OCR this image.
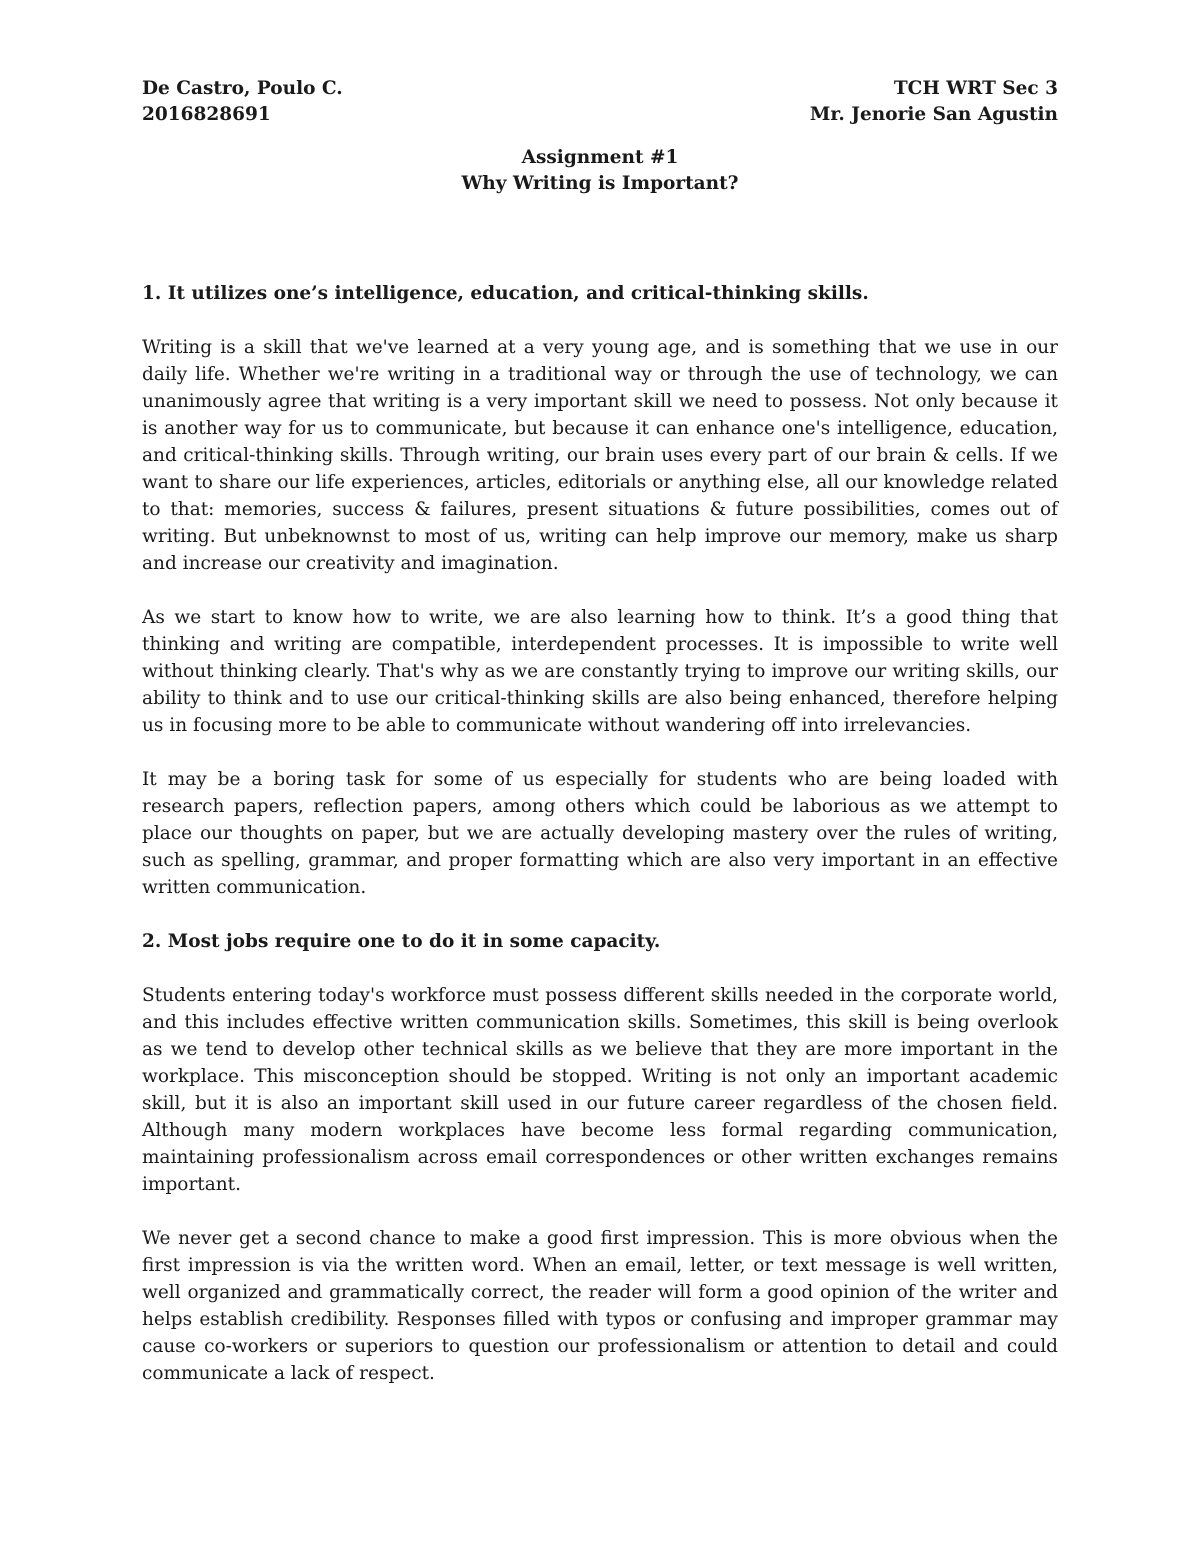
De Castro, Poulo C.	TCH WRT Sec 3
2016828691	Mr. Jenorie San Agustin
Assignment #1
Why Writing is Important?

1. It utilizes one’s intelligence, education, and critical-thinking skills.

Writing is a skill that we've learned at a very young age, and is something that we use in our daily life. Whether we're writing in a traditional way or through the use of technology, we can unanimously agree that writing is a very important skill we need to possess. Not only because it is another way for us to communicate, but because it can enhance one's intelligence, education, and critical-thinking skills. Through writing, our brain uses every part of our brain & cells. If we want to share our life experiences, articles, editorials or anything else, all our knowledge related to that: memories, success & failures, present situations & future possibilities, comes out of writing. But unbeknownst to most of us, writing can help improve our memory, make us sharp and increase our creativity and imagination.

As we start to know how to write, we are also learning how to think. It’s a good thing that thinking and writing are compatible, interdependent processes. It is impossible to write well without thinking clearly. That's why as we are constantly trying to improve our writing skills, our ability to think and to use our critical-thinking skills are also being enhanced, therefore helping us in focusing more to be able to communicate without wandering off into irrelevancies.

It may be a boring task for some of us especially for students who are being loaded with research papers, reflection papers, among others which could be laborious as we attempt to place our thoughts on paper, but we are actually developing mastery over the rules of writing, such as spelling, grammar, and proper formatting which are also very important in an effective written communication.

2. Most jobs require one to do it in some capacity.

Students entering today's workforce must possess different skills needed in the corporate world, and this includes effective written communication skills. Sometimes, this skill is being overlook as we tend to develop other technical skills as we believe that they are more important in the workplace. This misconception should be stopped. Writing is not only an important academic skill, but it is also an important skill used in our future career regardless of the chosen field. Although many modern workplaces have become less formal regarding communication, maintaining professionalism across email correspondences or other written exchanges remains important.

We never get a second chance to make a good first impression. This is more obvious when the first impression is via the written word. When an email, letter, or text message is well written, well organized and grammatically correct, the reader will form a good opinion of the writer and helps establish credibility. Responses filled with typos or confusing and improper grammar may cause co-workers or superiors to question our professionalism or attention to detail and could communicate a lack of respect.
